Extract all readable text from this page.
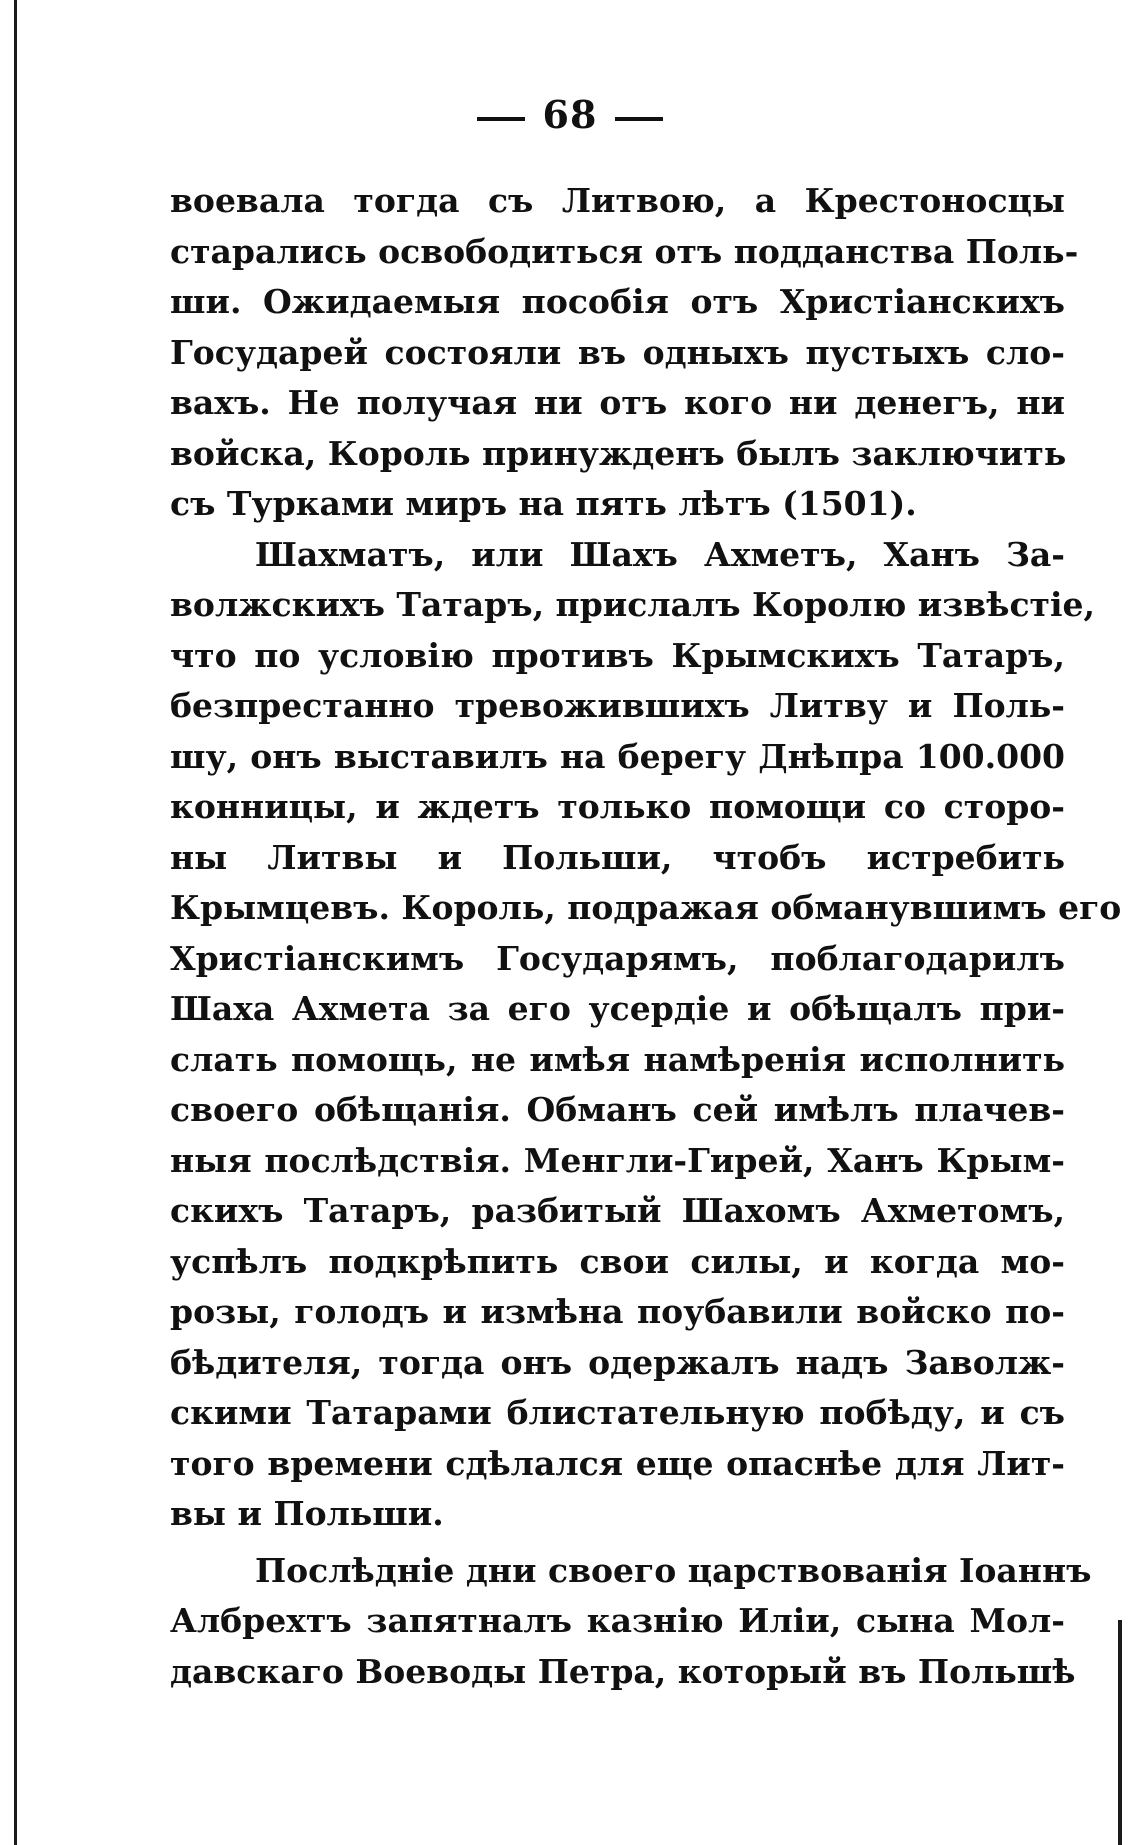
68
воевала тогда съ Литвою, а Крестоносцы
старались освободиться отъ подданства Поль-
ши. Ожидаемыя пособія отъ Христіанскихъ
Государей состояли въ одныхъ пустыхъ сло-
вахъ. Не получая ни отъ кого ни денегъ, ни
войска, Король принужденъ былъ заключить
съ Турками миръ на пять лѣтъ (1501).
Шахматъ, или Шахъ Ахметъ, Ханъ За-
волжскихъ Татаръ, прислалъ Королю извѣстіе,
что по условію противъ Крымскихъ Татаръ,
безпрестанно тревожившихъ Литву и Поль-
шу, онъ выставилъ на берегу Днѣпра 100.000
конницы, и ждетъ только помощи со сторо-
ны Литвы и Польши, чтобъ истребить
Крымцевъ. Король, подражая обманувшимъ его
Христіанскимъ Государямъ, поблагодарилъ
Шаха Ахмета за его усердіе и обѣщалъ при-
слать помощь, не имѣя намѣренія исполнить
своего обѣщанія. Обманъ сей имѣлъ плачев-
ныя послѣдствія. Менгли-Гирей, Ханъ Крым-
скихъ Татаръ, разбитый Шахомъ Ахметомъ,
успѣлъ подкрѣпить свои силы, и когда мо-
розы, голодъ и измѣна поубавили войско по-
бѣдителя, тогда онъ одержалъ надъ Заволж-
скими Татарами блистательную побѣду, и съ
того времени сдѣлался еще опаснѣе для Лит-
вы и Польши.
Послѣдніе дни своего царствованія Іоаннъ
Албрехтъ запятналъ казнію Иліи, сына Мол-
давскаго Воеводы Петра, который въ Польшѣ
